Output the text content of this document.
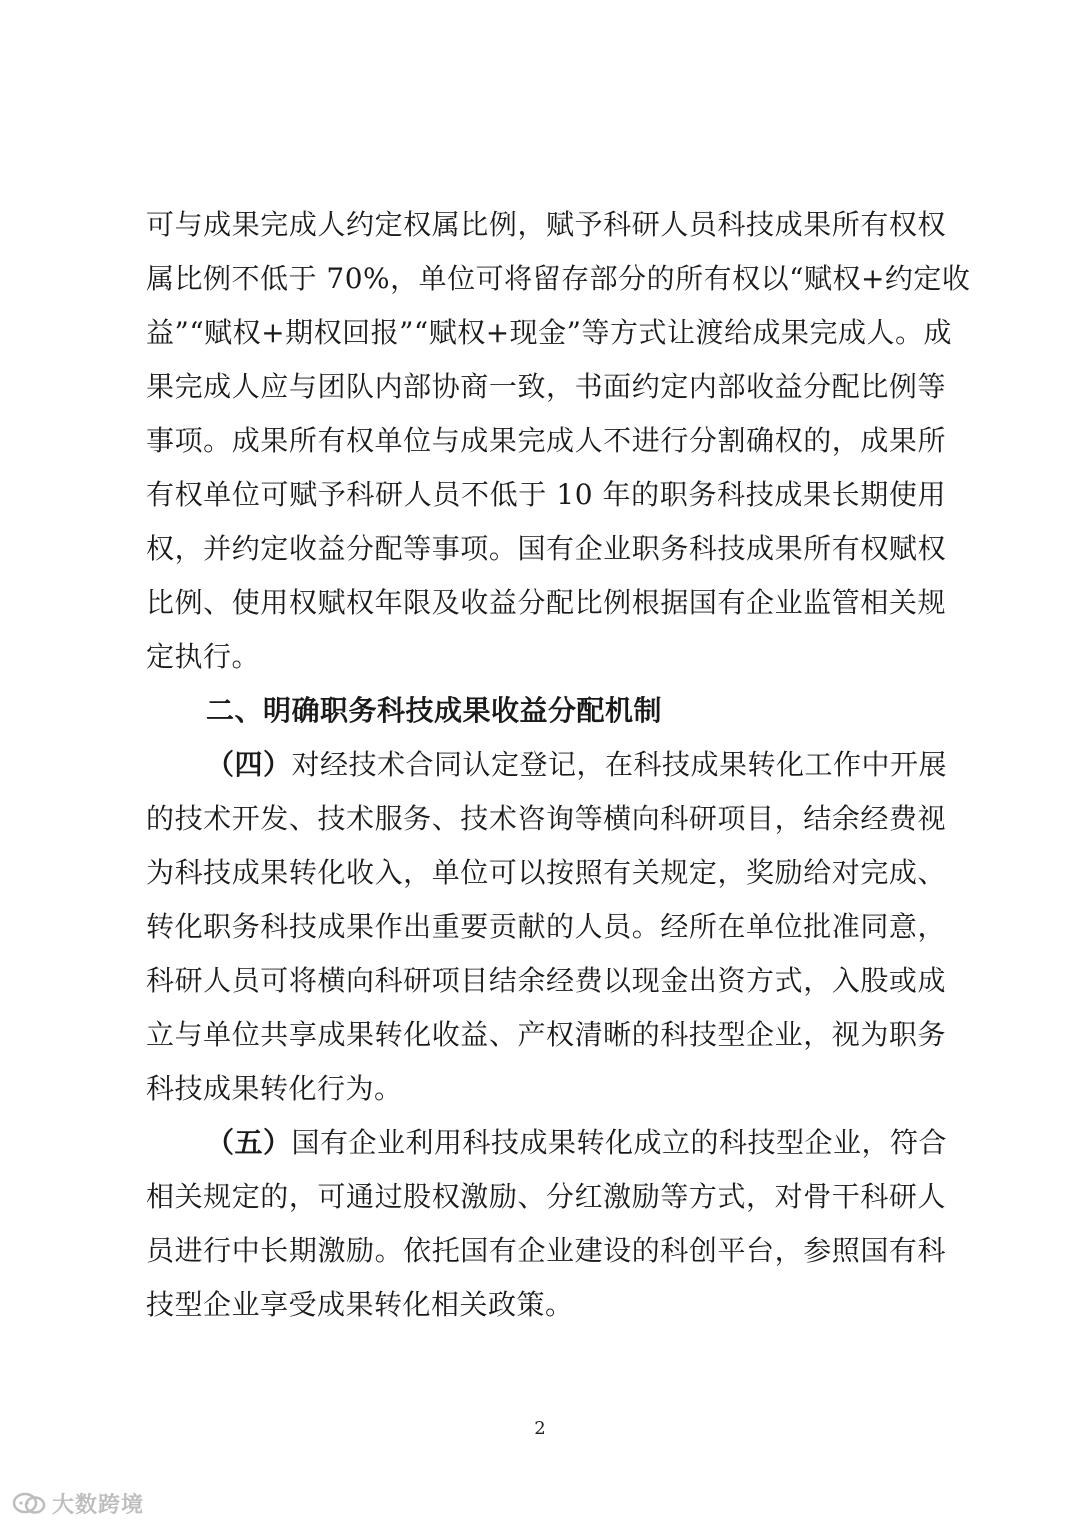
可与成果完成人约定权属比例，赋予科研人员科技成果所有权权
属比例不低于 70%，单位可将留存部分的所有权以“赋权+约定收
益”“赋权+期权回报”“赋权+现金”等方式让渡给成果完成人。成
果完成人应与团队内部协商一致，书面约定内部收益分配比例等
事项。成果所有权单位与成果完成人不进行分割确权的，成果所
有权单位可赋予科研人员不低于 10 年的职务科技成果长期使用
权，并约定收益分配等事项。国有企业职务科技成果所有权赋权
比例、使用权赋权年限及收益分配比例根据国有企业监管相关规
定执行。
二、明确职务科技成果收益分配机制
（四）对经技术合同认定登记，在科技成果转化工作中开展
的技术开发、技术服务、技术咨询等横向科研项目，结余经费视
为科技成果转化收入，单位可以按照有关规定，奖励给对完成、
转化职务科技成果作出重要贡献的人员。经所在单位批准同意，
科研人员可将横向科研项目结余经费以现金出资方式，入股或成
立与单位共享成果转化收益、产权清晰的科技型企业，视为职务
科技成果转化行为。
（五）国有企业利用科技成果转化成立的科技型企业，符合
相关规定的，可通过股权激励、分红激励等方式，对骨干科研人
员进行中长期激励。依托国有企业建设的科创平台，参照国有科
技型企业享受成果转化相关政策。
2
大数跨境
